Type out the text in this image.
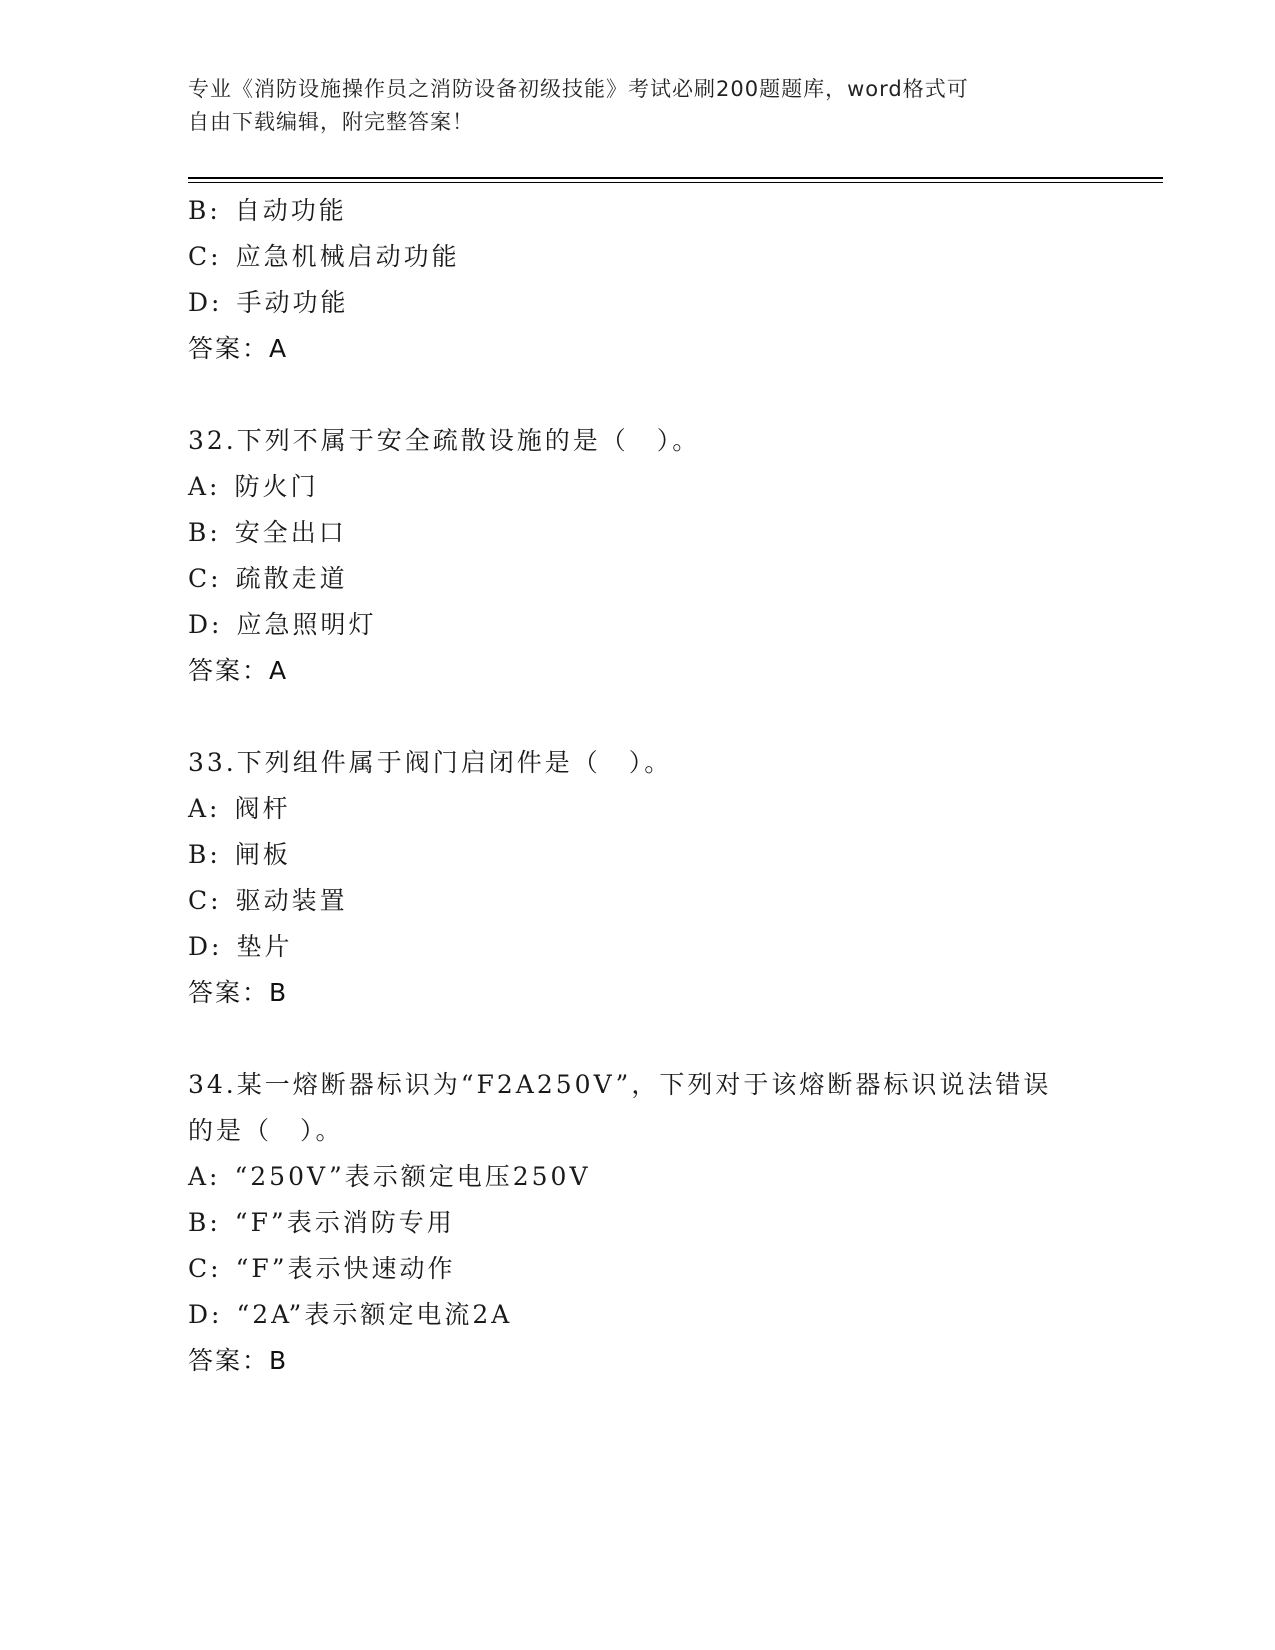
专业《消防设施操作员之消防设备初级技能》考试必刷200题题库，word格式可
自由下载编辑，附完整答案！
B: 自动功能
C: 应急机械启动功能
D: 手动功能
答案：A
32.下列不属于安全疏散设施的是（　）。
A: 防火门
B: 安全出口
C: 疏散走道
D: 应急照明灯
答案：A
33.下列组件属于阀门启闭件是（　）。
A: 阀杆
B: 闸板
C: 驱动装置
D: 垫片
答案：B
34.某一熔断器标识为“F2A250V”，下列对于该熔断器标识说法错误
的是（　）。
A: “250V”表示额定电压250V
B: “F”表示消防专用
C: “F”表示快速动作
D: “2A”表示额定电流2A
答案：B
